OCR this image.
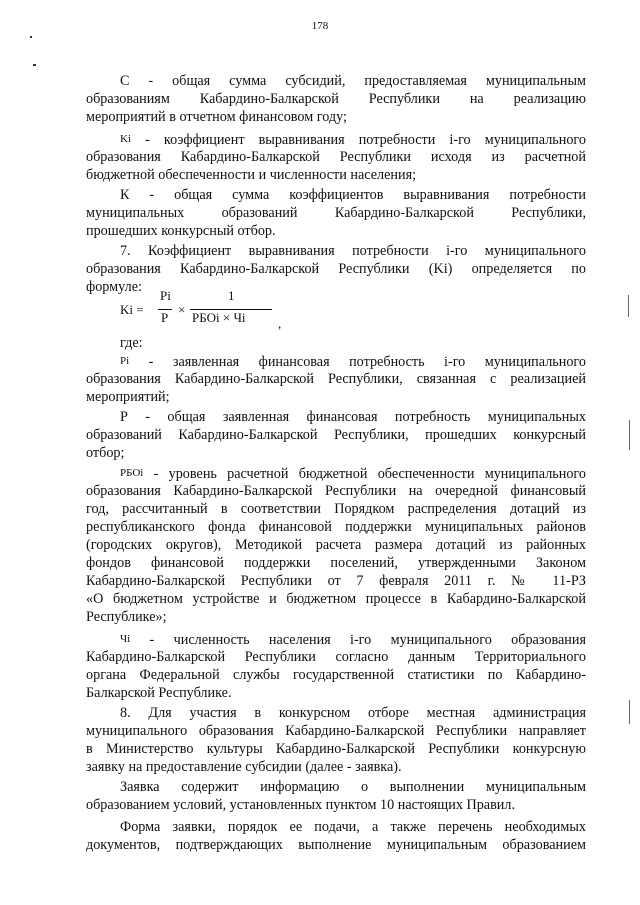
178
С - общая сумма субсидий, предоставляемая муниципальным
образованиям Кабардино-Балкарской Республики на реализацию
мероприятий в отчетном финансовом году;
Ki - коэффициент выравнивания потребности i-го муниципального
образования Кабардино-Балкарской Республики исходя из расчетной
бюджетной обеспеченности и численности населения;
К - общая сумма коэффициентов выравнивания потребности
муниципальных образований Кабардино-Балкарской Республики,
прошедших конкурсный отбор.
7. Коэффициент выравнивания потребности i-го муниципального
образования Кабардино-Балкарской Республики (Ki) определяется по
формуле:
где:
Pi - заявленная финансовая потребность i-го муниципального
образования Кабардино-Балкарской Республики, связанная с реализацией
мероприятий;
Р - общая заявленная финансовая потребность муниципальных
образований Кабардино-Балкарской Республики, прошедших конкурсный
отбор;
РБОi - уровень расчетной бюджетной обеспеченности муниципального
образования Кабардино-Балкарской Республики на очередной финансовый
год, рассчитанный в соответствии Порядком распределения дотаций из
республиканского фонда финансовой поддержки муниципальных районов
(городских округов), Методикой расчета размера дотаций из районных
фондов финансовой поддержки поселений, утвержденными Законом
Кабардино-Балкарской Республики от 7 февраля 2011 г. № 11-РЗ
«О бюджетном устройстве и бюджетном процессе в Кабардино-Балкарской
Республике»;
Чi - численность населения i-го муниципального образования
Кабардино-Балкарской Республики согласно данным Территориального
органа Федеральной службы государственной статистики по Кабардино-
Балкарской Республике.
8. Для участия в конкурсном отборе местная администрация
муниципального образования Кабардино-Балкарской Республики направляет
в Министерство культуры Кабардино-Балкарской Республики конкурсную
заявку на предоставление субсидии (далее - заявка).
Заявка содержит информацию о выполнении муниципальным
образованием условий, установленных пунктом 10 настоящих Правил.
Форма заявки, порядок ее подачи, а также перечень необходимых
документов, подтверждающих выполнение муниципальным образованием
Ki =
Pi
P
×
1
РБОi × Чi	,
